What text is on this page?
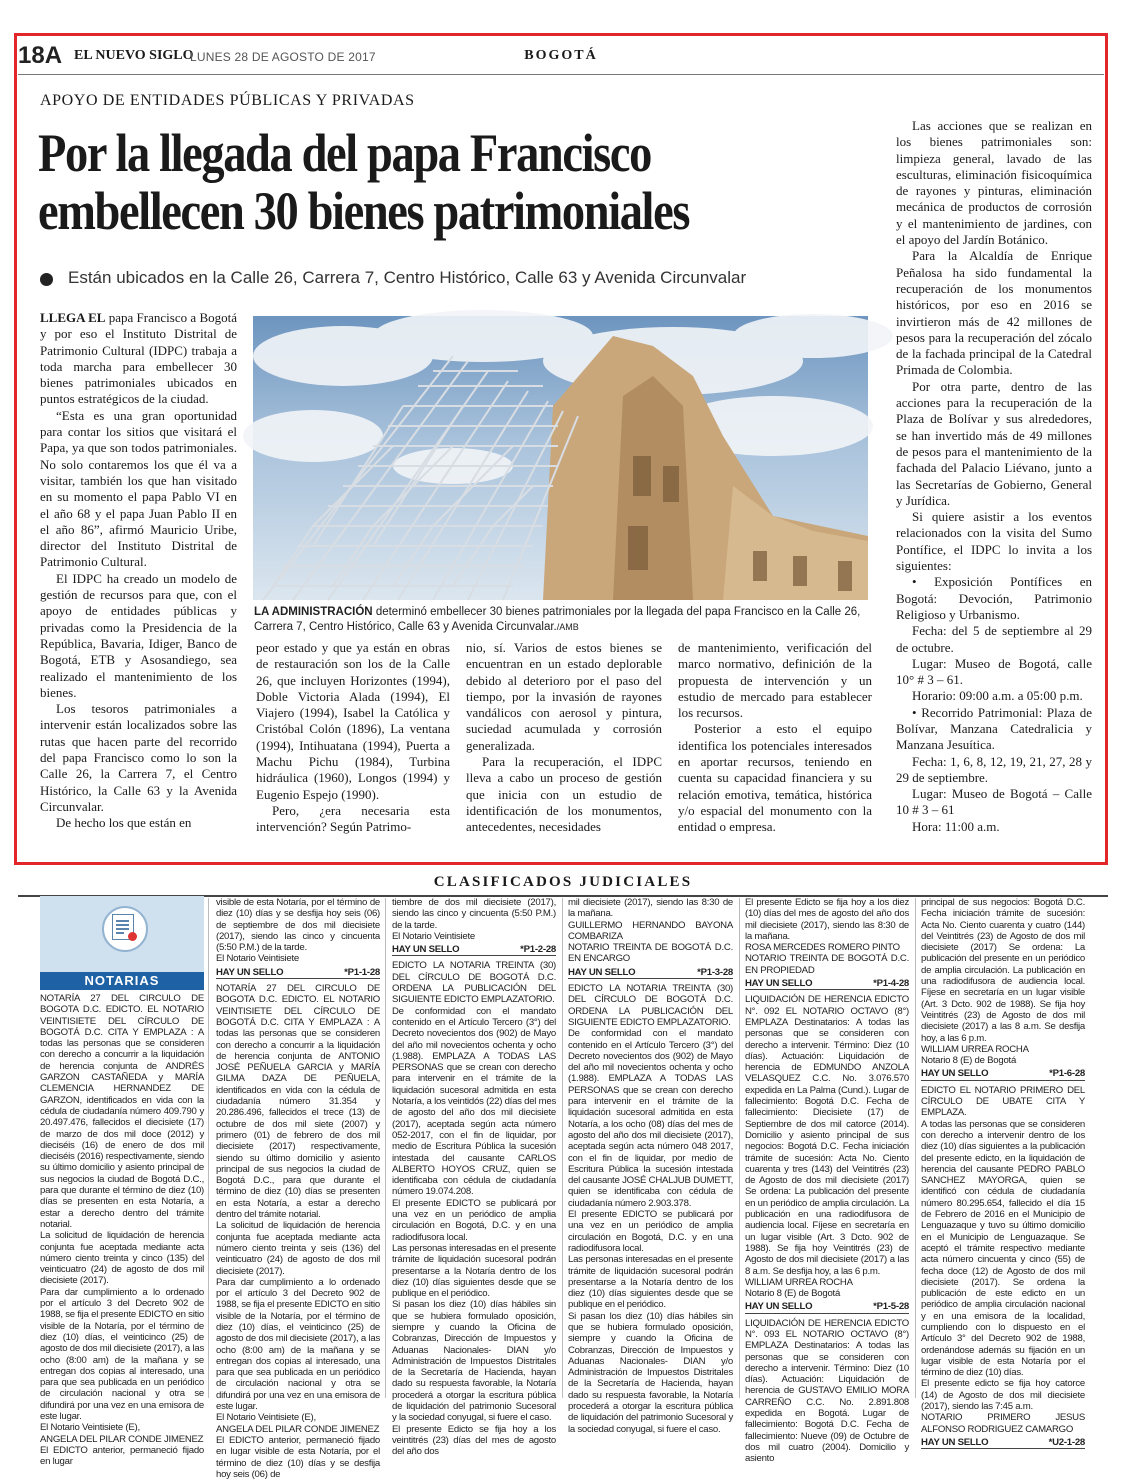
18A EL NUEVO SIGLO
LUNES 28 DE AGOSTO DE 2017	BOGOTÁ
APOYO DE ENTIDADES PÚBLICAS Y PRIVADAS
Por la llegada del papa Francisco
embellecen 30 bienes patrimoniales
Están ubicados en la Calle 26, Carrera 7, Centro Histórico, Calle 63 y Avenida Circunvalar

LLEGA EL papa Francisco a Bogotá y por eso el Instituto Distrital de Patrimonio Cultural (IDPC) trabaja a toda marcha para embellecer 30 bienes patrimoniales ubicados en puntos estratégicos de la ciudad.

“Esta es una gran oportunidad para contar los sitios que visitará el Papa, ya que son todos patrimoniales. No solo contaremos los que él va a visitar, también los que han visitado en su momento el papa Pablo VI en el año 68 y el papa Juan Pablo II en el año 86”, afirmó Mauricio Uribe, director del Instituto Distrital de Patrimonio Cultural.

El IDPC ha creado un modelo de gestión de recursos para que, con el apoyo de entidades públicas y privadas como la Presidencia de la República, Bavaria, Idiger, Banco de Bogotá, ETB y Asosandiego, sea realizado el mantenimiento de los bienes.

Los tesoros patrimoniales a intervenir están localizados sobre las rutas que hacen parte del recorrido del papa Francisco como lo son la Calle 26, la Carrera 7, el Centro Histórico, la Calle 63 y la Avenida Circunvalar.

De hecho los que están en

LA ADMINISTRACIÓN determinó embellecer 30 bienes patrimoniales por la llegada del papa Francisco en la Calle 26, Carrera 7, Centro Histórico, Calle 63 y Avenida Circunvalar./AMB

peor estado y que ya están en obras de restauración son los de la Calle 26, que incluyen Horizontes (1994), Doble Victoria Alada (1994), El Viajero (1994), Isabel la Católica y Cristóbal Colón (1896), La ventana (1994), Intihuatana (1994), Puerta a Machu Pichu (1984), Turbina hidráulica (1960), Longos (1994) y Eugenio Espejo (1990).

Pero, ¿era necesaria esta intervención? Según Patrimo-

nio, sí. Varios de estos bienes se encuentran en un estado deplorable debido al deterioro por el paso del tiempo, por la invasión de rayones vandálicos con aerosol y pintura, suciedad acumulada y corrosión generalizada.

Para la recuperación, el IDPC lleva a cabo un proceso de gestión que inicia con un estudio de identificación de los monumentos, antecedentes, necesidades

de mantenimiento, verificación del marco normativo, definición de la propuesta de intervención y un estudio de mercado para establecer los recursos.

Posterior a esto el equipo identifica los potenciales interesados en aportar recursos, teniendo en cuenta su capacidad financiera y su relación emotiva, temática, histórica y/o espacial del monumento con la entidad o empresa.

Las acciones que se realizan en los bienes patrimoniales son: limpieza general, lavado de las esculturas, eliminación fisicoquímica de rayones y pinturas, eliminación mecánica de productos de corrosión y el mantenimiento de jardines, con el apoyo del Jardín Botánico.

Para la Alcaldía de Enrique Peñalosa ha sido fundamental la recuperación de los monumentos históricos, por eso en 2016 se invirtieron más de 42 millones de pesos para la recuperación del zócalo de la fachada principal de la Catedral Primada de Colombia.

Por otra parte, dentro de las acciones para la recuperación de la Plaza de Bolívar y sus alrededores, se han invertido más de 49 millones de pesos para el mantenimiento de la fachada del Palacio Liévano, junto a las Secretarías de Gobierno, General y Jurídica.

Si quiere asistir a los eventos relacionados con la visita del Sumo Pontífice, el IDPC lo invita a los siguientes:

• Exposición Pontífices en Bogotá: Devoción, Patrimonio Religioso y Urbanismo.

Fecha: del 5 de septiembre al 29 de octubre.

Lugar: Museo de Bogotá, calle 10° # 3 – 61.

Horario: 09:00 a.m. a 05:00 p.m.

• Recorrido Patrimonial: Plaza de Bolívar, Manzana Catedralicia y Manzana Jesuítica.

Fecha: 1, 6, 8, 12, 19, 21, 27, 28 y 29 de septiembre.

Lugar: Museo de Bogotá – Calle 10 # 3 – 61

Hora: 11:00 a.m.

CLASIFICADOS JUDICIALES
NOTARIAS

NOTARÍA 27 DEL CIRCULO DE BOGOTA D.C. EDICTO. EL NOTARIO VEINTISIETE DEL CÍRCULO DE BOGOTÁ D.C. CITA Y EMPLAZA : A todas las personas que se consideren con derecho a concurrir a la liquidación de herencia conjunta de ANDRÉS GARZON CASTAÑEDA y MARÍA CLEMENCIA HERNANDEZ DE GARZON, identificados en vida con la cédula de ciudadanía número 409.790 y 20.497.476, fallecidos el diecisiete (17) de marzo de dos mil doce (2012) y dieciséis (16) de enero de dos mil dieciséis (2016) respectivamente, siendo su último domicilio y asiento principal de sus negocios la ciudad de Bogotá D.C., para que durante el término de diez (10) días se presenten en esta Notaría, a estar a derecho dentro del trámite notarial.

La solicitud de liquidación de herencia conjunta fue aceptada mediante acta número ciento treinta y cinco (135) del veinticuatro (24) de agosto de dos mil diecisiete (2017).

Para dar cumplimiento a lo ordenado por el artículo 3 del Decreto 902 de 1988, se fija el presente EDICTO en sitio visible de la Notaría, por el término de diez (10) días, el veinticinco (25) de agosto de dos mil diecisiete (2017), a las ocho (8:00 am) de la mañana y se entregan dos copias al interesado, una para que sea publicada en un periódico de circulación nacional y otra se difundirá por una vez en una emisora de este lugar.

El Notario Veintisiete (E),

ANGELA DEL PILAR CONDE JIMENEZ

El EDICTO anterior, permaneció fijado en lugar

visible de esta Notaría, por el término de diez (10) días y se desfija hoy seis (06) de septiembre de dos mil diecisiete (2017), siendo las cinco y cincuenta (5:50 P.M.) de la tarde.

El Notario Veintisiete

HAY UN SELLO	*P1-1-28

NOTARÍA 27 DEL CIRCULO DE BOGOTA D.C. EDICTO. EL NOTARIO VEINTISIETE DEL CÍRCULO DE BOGOTÁ D.C. CITA Y EMPLAZA : A todas las personas que se consideren con derecho a concurrir a la liquidación de herencia conjunta de ANTONIO JOSÉ PEÑUELA GARCIA y MARÍA GILMA DAZA DE PEÑUELA, identificados en vida con la cédula de ciudadanía número 31.354 y 20.286.496, fallecidos el trece (13) de octubre de dos mil siete (2007) y primero (01) de febrero de dos mil diecisiete (2017) respectivamente, siendo su último domicilio y asiento principal de sus negocios la ciudad de Bogotá D.C., para que durante el término de diez (10) días se presenten en esta Notaría, a estar a derecho dentro del trámite notarial.

La solicitud de liquidación de herencia conjunta fue aceptada mediante acta número ciento treinta y seis (136) del veinticuatro (24) de agosto de dos mil diecisiete (2017).

Para dar cumplimiento a lo ordenado por el artículo 3 del Decreto 902 de 1988, se fija el presente EDICTO en sitio visible de la Notaría, por el término de diez (10) días, el veinticinco (25) de agosto de dos mil diecisiete (2017), a las ocho (8:00 am) de la mañana y se entregan dos copias al interesado, una para que sea publicada en un periódico de circulación nacional y otra se difundirá por una vez en una emisora de este lugar.

El Notario Veintisiete (E),

ANGELA DEL PILAR CONDE JIMENEZ

El EDICTO anterior, permaneció fijado en lugar visible de esta Notaría, por el término de diez (10) días y se desfija hoy seis (06) de

tiembre de dos mil diecisiete (2017), siendo las cinco y cincuenta (5:50 P.M.) de la tarde.

El Notario Veintisiete

HAY UN SELLO	*P1-2-28

EDICTO LA NOTARIA TREINTA (30) DEL CÍRCULO DE BOGOTÁ D.C. ORDENA LA PUBLICACIÓN DEL SIGUIENTE EDICTO EMPLAZATORIO.

De conformidad con el mandato contenido en el Artículo Tercero (3°) del Decreto novecientos dos (902) de Mayo del año mil novecientos ochenta y ocho (1.988). EMPLAZA A TODAS LAS PERSONAS que se crean con derecho para intervenir en el trámite de la liquidación sucesoral admitida en esta Notaría, a los veintidós (22) días del mes de agosto del año dos mil diecisiete (2017), aceptada según acta número 052-2017, con el fin de liquidar, por medio de Escritura Pública la sucesión intestada del causante CARLOS ALBERTO HOYOS CRUZ, quien se identificaba con cédula de ciudadanía número 19.074.208.

El presente EDICTO se publicará por una vez en un periódico de amplia circulación en Bogotá, D.C. y en una radiodifusora local.

Las personas interesadas en el presente trámite de liquidación sucesoral podrán presentarse a la Notaría dentro de los diez (10) días siguientes desde que se publique en el periódico.

Si pasan los diez (10) días hábiles sin que se hubiera formulado oposición, siempre y cuando la Oficina de Cobranzas, Dirección de Impuestos y Aduanas Nacionales- DIAN y/o Administración de Impuestos Distritales de la Secretaría de Hacienda, hayan dado su respuesta favorable, la Notaría procederá a otorgar la escritura pública de liquidación del patrimonio Sucesoral y la sociedad conyugal, si fuere el caso.

El presente Edicto se fija hoy a los veintitrés (23) días del mes de agosto del año dos

mil diecisiete (2017), siendo las 8:30 de la mañana.

GUILLERMO HERNANDO BAYONA COMBARIZA

NOTARIO TREINTA DE BOGOTÁ D.C. EN ENCARGO

HAY UN SELLO	*P1-3-28

EDICTO LA NOTARIA TREINTA (30) DEL CÍRCULO DE BOGOTÁ D.C. ORDENA LA PUBLICACIÓN DEL SIGUIENTE EDICTO EMPLAZATORIO.

De conformidad con el mandato contenido en el Artículo Tercero (3°) del Decreto novecientos dos (902) de Mayo del año mil novecientos ochenta y ocho (1.988). EMPLAZA A TODAS LAS PERSONAS que se crean con derecho para intervenir en el trámite de la liquidación sucesoral admitida en esta Notaría, a los ocho (08) días del mes de agosto del año dos mil diecisiete (2017), aceptada según acta número 048 2017, con el fin de liquidar, por medio de Escritura Pública la sucesión intestada del causante JOSÉ CHALJUB DUMETT, quien se identificaba con cédula de ciudadanía número 2.903.378.

El presente EDICTO se publicará por una vez en un periódico de amplia circulación en Bogotá, D.C. y en una radiodifusora local.

Las personas interesadas en el presente trámite de liquidación sucesoral podrán presentarse a la Notaría dentro de los diez (10) días siguientes desde que se publique en el periódico.

Si pasan los diez (10) días hábiles sin que se hubiera formulado oposición, siempre y cuando la Oficina de Cobranzas, Dirección de Impuestos y Aduanas Nacionales- DIAN y/o Administración de Impuestos Distritales de la Secretaría de Hacienda, hayan dado su respuesta favorable, la Notaría procederá a otorgar la escritura pública de liquidación del patrimonio Sucesoral y la sociedad conyugal, si fuere el caso.

El presente Edicto se fija hoy a los diez (10) días del mes de agosto del año dos mil diecisiete (2017), siendo las 8:30 de la mañana.

ROSA MERCEDES ROMERO PINTO

NOTARIO TREINTA DE BOGOTÁ D.C. EN PROPIEDAD

HAY UN SELLO	*P1-4-28

LIQUIDACIÓN DE HERENCIA EDICTO N°. 092 EL NOTARIO OCTAVO (8°) EMPLAZA Destinatarios: A todas las personas que se consideren con derecho a intervenir. Término: Diez (10 días). Actuación: Liquidación de herencia de EDMUNDO ANZOLA VELASQUEZ C.C. No. 3.076.570 expedida en La Palma (Cund.). Lugar de fallecimiento: Bogotá D.C. Fecha de fallecimiento: Diecisiete (17) de Septiembre de dos mil catorce (2014). Domicilio y asiento principal de sus negocios: Bogotá D.C. Fecha iniciación trámite de sucesión: Acta No. Ciento cuarenta y tres (143) del Veintitrés (23) de Agosto de dos mil diecisiete (2017) Se ordena: La publicación del presente en un periódico de amplia circulación. La publicación en una radiodifusora de audiencia local. Fíjese en secretaría en un lugar visible (Art. 3 Dcto. 902 de 1988). Se fija hoy Veintitrés (23) de Agosto de dos mil diecisiete (2017) a las 8 a.m. Se desfija hoy, a las 6 p.m.

WILLIAM URREA ROCHA

Notario 8 (E) de Bogotá

HAY UN SELLO	*P1-5-28

LIQUIDACIÓN DE HERENCIA EDICTO N°. 093 EL NOTARIO OCTAVO (8°) EMPLAZA Destinatarios: A todas las personas que se consideren con derecho a intervenir. Término: Diez (10 días). Actuación: Liquidación de herencia de GUSTAVO EMILIO MORA CARREÑO C.C. No. 2.891.808 expedida en Bogotá. Lugar de fallecimiento: Bogotá D.C. Fecha de fallecimiento: Nueve (09) de Octubre de dos mil cuatro (2004). Domicilio y asiento

principal de sus negocios: Bogotá D.C. Fecha iniciación trámite de sucesión: Acta No. Ciento cuarenta y cuatro (144) del Veintitrés (23) de Agosto de dos mil diecisiete (2017) Se ordena: La publicación del presente en un periódico de amplia circulación. La publicación en una radiodifusora de audiencia local. Fíjese en secretaría en un lugar visible (Art. 3 Dcto. 902 de 1988). Se fija hoy Veintitrés (23) de Agosto de dos mil diecisiete (2017) a las 8 a.m. Se desfija hoy, a las 6 p.m.

WILLIAM URREA ROCHA

Notario 8 (E) de Bogotá

HAY UN SELLO	*P1-6-28

EDICTO EL NOTARIO PRIMERO DEL CÍRCULO DE UBATE CITA Y EMPLAZA.

A todas las personas que se consideren con derecho a intervenir dentro de los diez (10) días siguientes a la publicación del presente edicto, en la liquidación de herencia del causante PEDRO PABLO SANCHEZ MAYORGA, quien se identificó con cédula de ciudadanía número 80.295.654, fallecido el día 15 de Febrero de 2016 en el Municipio de Lenguazaque y tuvo su último domicilio en el Municipio de Lenguazaque. Se aceptó el trámite respectivo mediante acta número cincuenta y cinco (55) de fecha doce (12) de Agosto de dos mil diecisiete (2017). Se ordena la publicación de este edicto en un periódico de amplia circulación nacional y en una emisora de la localidad, cumpliendo con lo dispuesto en el Artículo 3° del Decreto 902 de 1988, ordenándose además su fijación en un lugar visible de esta Notaría por el término de diez (10) días.

El presente edicto se fija hoy catorce (14) de Agosto de dos mil diecisiete (2017), siendo las 7:45 a.m.

NOTARIO PRIMERO JESUS ALFONSO RODRIGUEZ CAMARGO

HAY UN SELLO	*U2-1-28
